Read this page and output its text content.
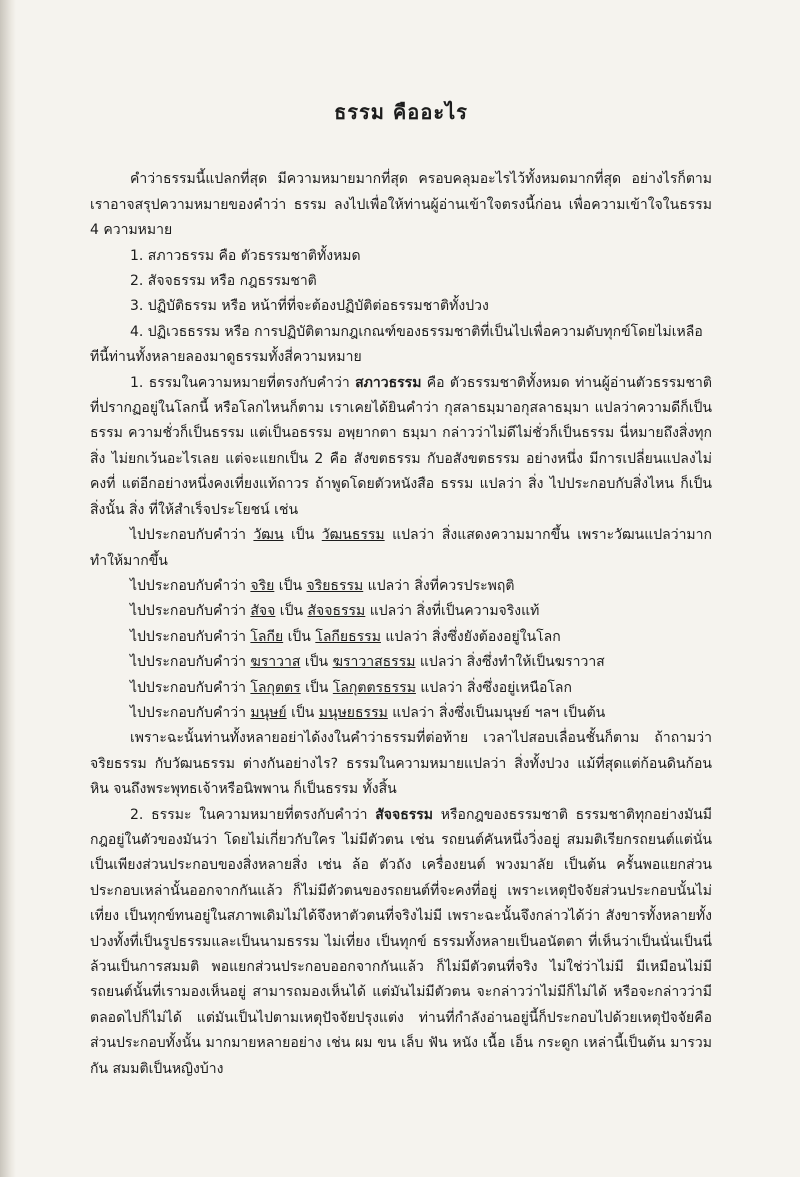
ธรรม คืออะไร

คำว่าธรรมนี้แปลกที่สุด มีความหมายมากที่สุด ครอบคลุมอะไรไว้ทั้งหมดมากที่สุด อย่างไรก็ตาม เราอาจสรุปความหมายของคำว่า ธรรม ลงไปเพื่อให้ท่านผู้อ่านเข้าใจตรงนี้ก่อน เพื่อความเข้าใจในธรรม 4 ความหมาย

1. สภาวธรรม คือ ตัวธรรมชาติทั้งหมด

2. สัจจธรรม หรือ กฎธรรมชาติ

3. ปฏิบัติธรรม หรือ หน้าที่ที่จะต้องปฏิบัติต่อธรรมชาติทั้งปวง

4. ปฏิเวธธรรม หรือ การปฏิบัติตามกฎเกณฑ์ของธรรมชาติที่เป็นไปเพื่อความดับทุกข์โดยไม่เหลือ

ทีนี้ท่านทั้งหลายลองมาดูธรรมทั้งสี่ความหมาย

1. ธรรมในความหมายที่ตรงกับคำว่า สภาวธรรม คือ ตัวธรรมชาติทั้งหมด ท่านผู้อ่านตัวธรรมชาติที่ปรากฏอยู่ในโลกนี้ หรือโลกไหนก็ตาม เราเคยได้ยินคำว่า กุสลาธมฺมาอกุสลาธมฺมา แปลว่าความดีก็เป็นธรรม ความชั่วก็เป็นธรรม แต่เป็นอธรรม อพฺยากตา ธมฺมา กล่าวว่าไม่ดีไม่ชั่วก็เป็นธรรม นี่หมายถึงสิ่งทุกสิ่ง ไม่ยกเว้นอะไรเลย แต่จะแยกเป็น 2 คือ สังขตธรรม กับอสังขตธรรม อย่างหนึ่ง มีการเปลี่ยนแปลงไม่คงที่ แต่อีกอย่างหนึ่งคงเที่ยงแท้ถาวร ถ้าพูดโดยตัวหนังสือ ธรรม แปลว่า สิ่ง ไปประกอบกับสิ่งไหน ก็เป็นสิ่งนั้น สิ่ง ที่ให้สำเร็จประโยชน์ เช่น

ไปประกอบกับคำว่า วัฒน เป็น วัฒนธรรม แปลว่า สิ่งแสดงความมากขึ้น เพราะวัฒนแปลว่ามาก ทำให้มากขึ้น

ไปประกอบกับคำว่า จริย เป็น จริยธรรม แปลว่า สิ่งที่ควรประพฤติ

ไปประกอบกับคำว่า สัจจ เป็น สัจจธรรม แปลว่า สิ่งที่เป็นความจริงแท้

ไปประกอบกับคำว่า โลกีย เป็น โลกียธรรม แปลว่า สิ่งซึ่งยังต้องอยู่ในโลก

ไปประกอบกับคำว่า ฆราวาส เป็น ฆราวาสธรรม แปลว่า สิ่งซึ่งทำให้เป็นฆราวาส

ไปประกอบกับคำว่า โลกุตตร เป็น โลกุตตรธรรม แปลว่า สิ่งซึ่งอยู่เหนือโลก

ไปประกอบกับคำว่า มนุษย์ เป็น มนุษยธรรม แปลว่า สิ่งซึ่งเป็นมนุษย์ ฯลฯ เป็นต้น

เพราะฉะนั้นท่านทั้งหลายอย่าได้งงในคำว่าธรรมที่ต่อท้าย เวลาไปสอบเลื่อนชั้นก็ตาม ถ้าถามว่า จริยธรรม กับวัฒนธรรม ต่างกันอย่างไร? ธรรมในความหมายแปลว่า สิ่งทั้งปวง แม้ที่สุดแต่ก้อนดินก้อนหิน จนถึงพระพุทธเจ้าหรือนิพพาน ก็เป็นธรรม ทั้งสิ้น

2. ธรรมะ ในความหมายที่ตรงกับคำว่า สัจจธรรม หรือกฎของธรรมชาติ ธรรมชาติทุกอย่างมันมีกฎอยู่ในตัวของมันว่า โดยไม่เกี่ยวกับใคร ไม่มีตัวตน เช่น รถยนต์คันหนึ่งวิ่งอยู่ สมมติเรียกรถยนต์แต่นั่นเป็นเพียงส่วนประกอบของสิ่งหลายสิ่ง เช่น ล้อ ตัวถัง เครื่องยนต์ พวงมาลัย เป็นต้น ครั้นพอแยกส่วนประกอบเหล่านั้นออกจากกันแล้ว ก็ไม่มีตัวตนของรถยนต์ที่จะคงที่อยู่ เพราะเหตุปัจจัยส่วนประกอบนั้นไม่เที่ยง เป็นทุกข์ทนอยู่ในสภาพเดิมไม่ได้จึงหาตัวตนที่จริงไม่มี เพราะฉะนั้นจึงกล่าวได้ว่า สังขารทั้งหลายทั้งปวงทั้งที่เป็นรูปธรรมและเป็นนามธรรม ไม่เที่ยง เป็นทุกข์ ธรรมทั้งหลายเป็นอนัตตา ที่เห็นว่าเป็นนั่นเป็นนี่ ล้วนเป็นการสมมติ พอแยกส่วนประกอบออกจากกันแล้ว ก็ไม่มีตัวตนที่จริง ไม่ใช่ว่าไม่มี มีเหมือนไม่มี รถยนต์นั้นที่เรามองเห็นอยู่ สามารถมองเห็นได้ แต่มันไม่มีตัวตน จะกล่าวว่าไม่มีก็ไม่ได้ หรือจะกล่าวว่ามีตลอดไปก็ไม่ได้ แต่มันเป็นไปตามเหตุปัจจัยปรุงแต่ง ท่านที่กำลังอ่านอยู่นี้ก็ประกอบไปด้วยเหตุปัจจัยคือส่วนประกอบทั้งนั้น มากมายหลายอย่าง เช่น ผม ขน เล็บ ฟัน หนัง เนื้อ เอ็น กระดูก เหล่านี้เป็นต้น มารวมกัน สมมติเป็นหญิงบ้าง
